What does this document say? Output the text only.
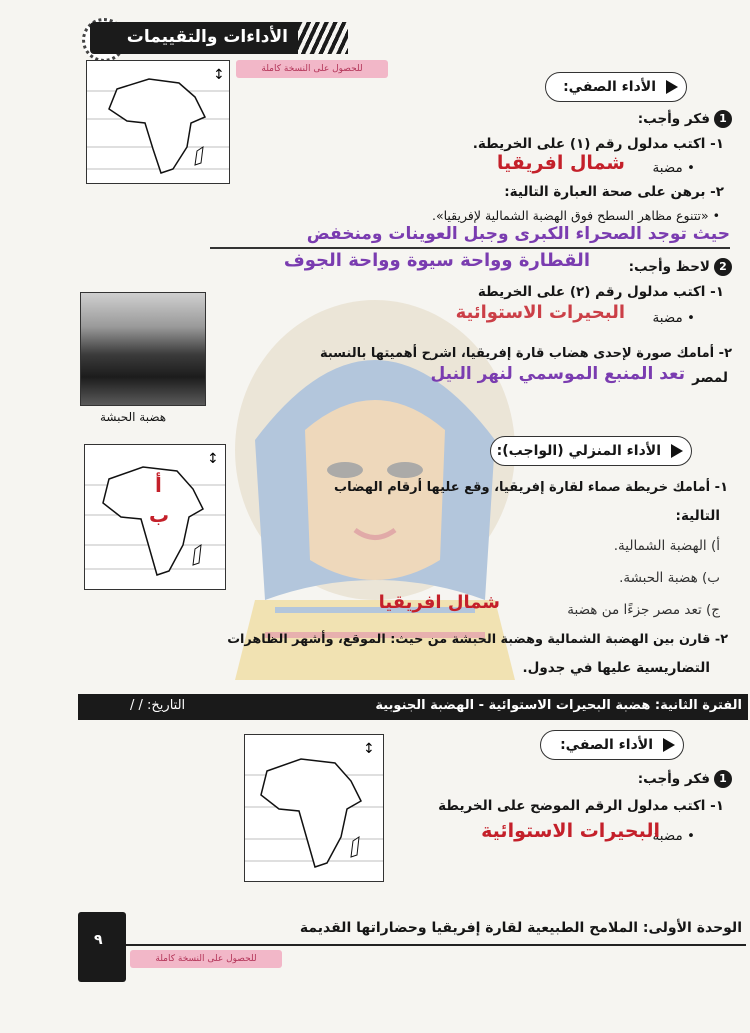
الأداءات والتقييمات
↕	للحصول على النسخة كاملة
الأداء الصفي:
1فكر وأجب:
١- اكتب مدلول رقم (١) على الخريطة.
• مضبة
شمال افريقيا
٢- برهن على صحة العبارة التالية:
• «تتنوع مظاهر السطح فوق الهضبة الشمالية لإفريقيا».
حيث توجد الصحراء الكبرى وجبل العوينات ومنخفض
2لاحظ وأجب:
القطارة وواحة سيوة وواحة الجوف
هضبة الحبشة
١- اكتب مدلول رقم (٢) على الخريطة
• مضبة
البحيرات الاستوائية
٢- أمامك صورة لإحدى هضاب قارة إفريقيا، اشرح أهميتها بالنسبة
لمصر
تعد المنبع الموسمي لنهر النيل
الأداء المنزلي (الواجب):
↕
أ
ب
١- أمامك خريطة صماء لقارة إفريقيا، وقع عليها أرقام الهضاب
التالية:
أ) الهضبة الشمالية.
ب) هضبة الحبشة.
ج) تعد مصر جزءًا من هضبة
شمال افريقيا
٢- قارن بين الهضبة الشمالية وهضبة الحبشة من حيث: الموقع، وأشهر الظاهرات
التضاريسية عليها في جدول.
الفترة الثانية: هضبة البحيرات الاستوائية - الهضبة الجنوبية
التاريخ: / /
الأداء الصفي:
↕
1فكر وأجب:
١- اكتب مدلول الرقم الموضح على الخريطة
• مضبة
البحيرات الاستوائية
٩
الوحدة الأولى: الملامح الطبيعية لقارة إفريقيا وحضاراتها القديمة
للحصول على النسخة كاملة
